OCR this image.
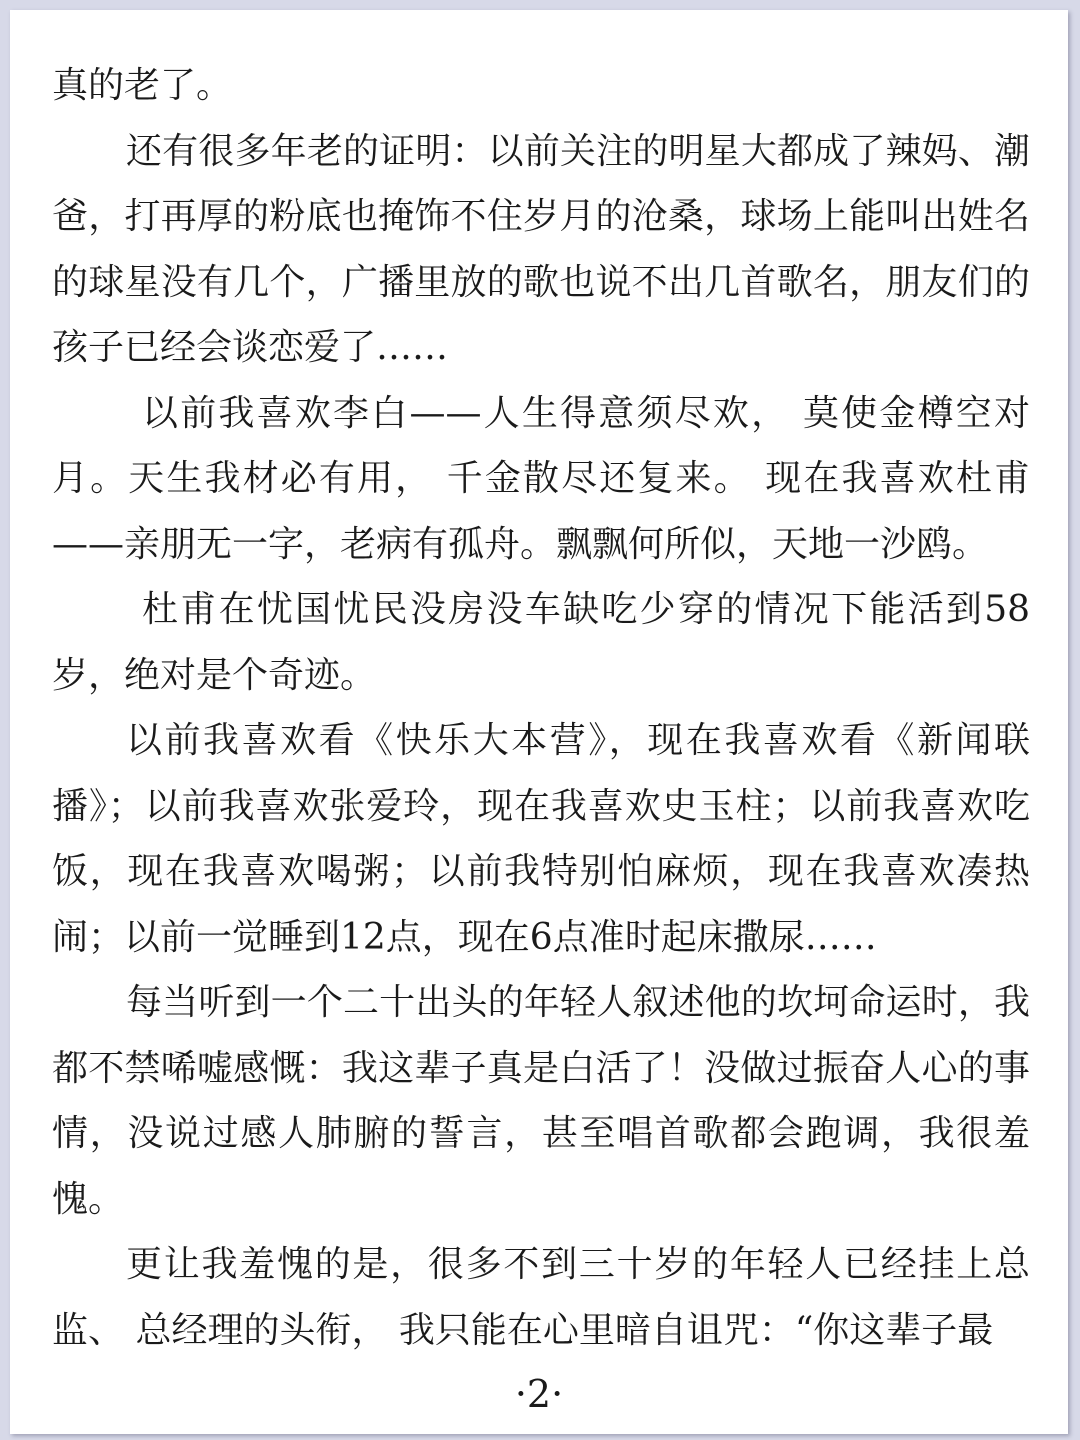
真的老了。

还有很多年老的证明：以前关注的明星大都成了辣妈、潮爸，打再厚的粉底也掩饰不住岁月的沧桑，球场上能叫出姓名的球星没有几个，广播里放的歌也说不出几首歌名，朋友们的孩子已经会谈恋爱了……

以前我喜欢李白——人生得意须尽欢， 莫使金樽空对月。天生我材必有用， 千金散尽还复来。 现在我喜欢杜甫——亲朋无一字，老病有孤舟。飘飘何所似，天地一沙鸥。

杜甫在忧国忧民没房没车缺吃少穿的情况下能活到58岁，绝对是个奇迹。

以前我喜欢看《快乐大本营》，现在我喜欢看《新闻联播》；以前我喜欢张爱玲，现在我喜欢史玉柱；以前我喜欢吃饭，现在我喜欢喝粥；以前我特别怕麻烦，现在我喜欢凑热闹；以前一觉睡到12点，现在6点准时起床撒尿……

每当听到一个二十出头的年轻人叙述他的坎坷命运时，我都不禁唏嘘感慨：我这辈子真是白活了！没做过振奋人心的事情，没说过感人肺腑的誓言，甚至唱首歌都会跑调，我很羞愧。

更让我羞愧的是，很多不到三十岁的年轻人已经挂上总监、 总经理的头衔， 我只能在心里暗自诅咒：“你这辈子最

·2·
